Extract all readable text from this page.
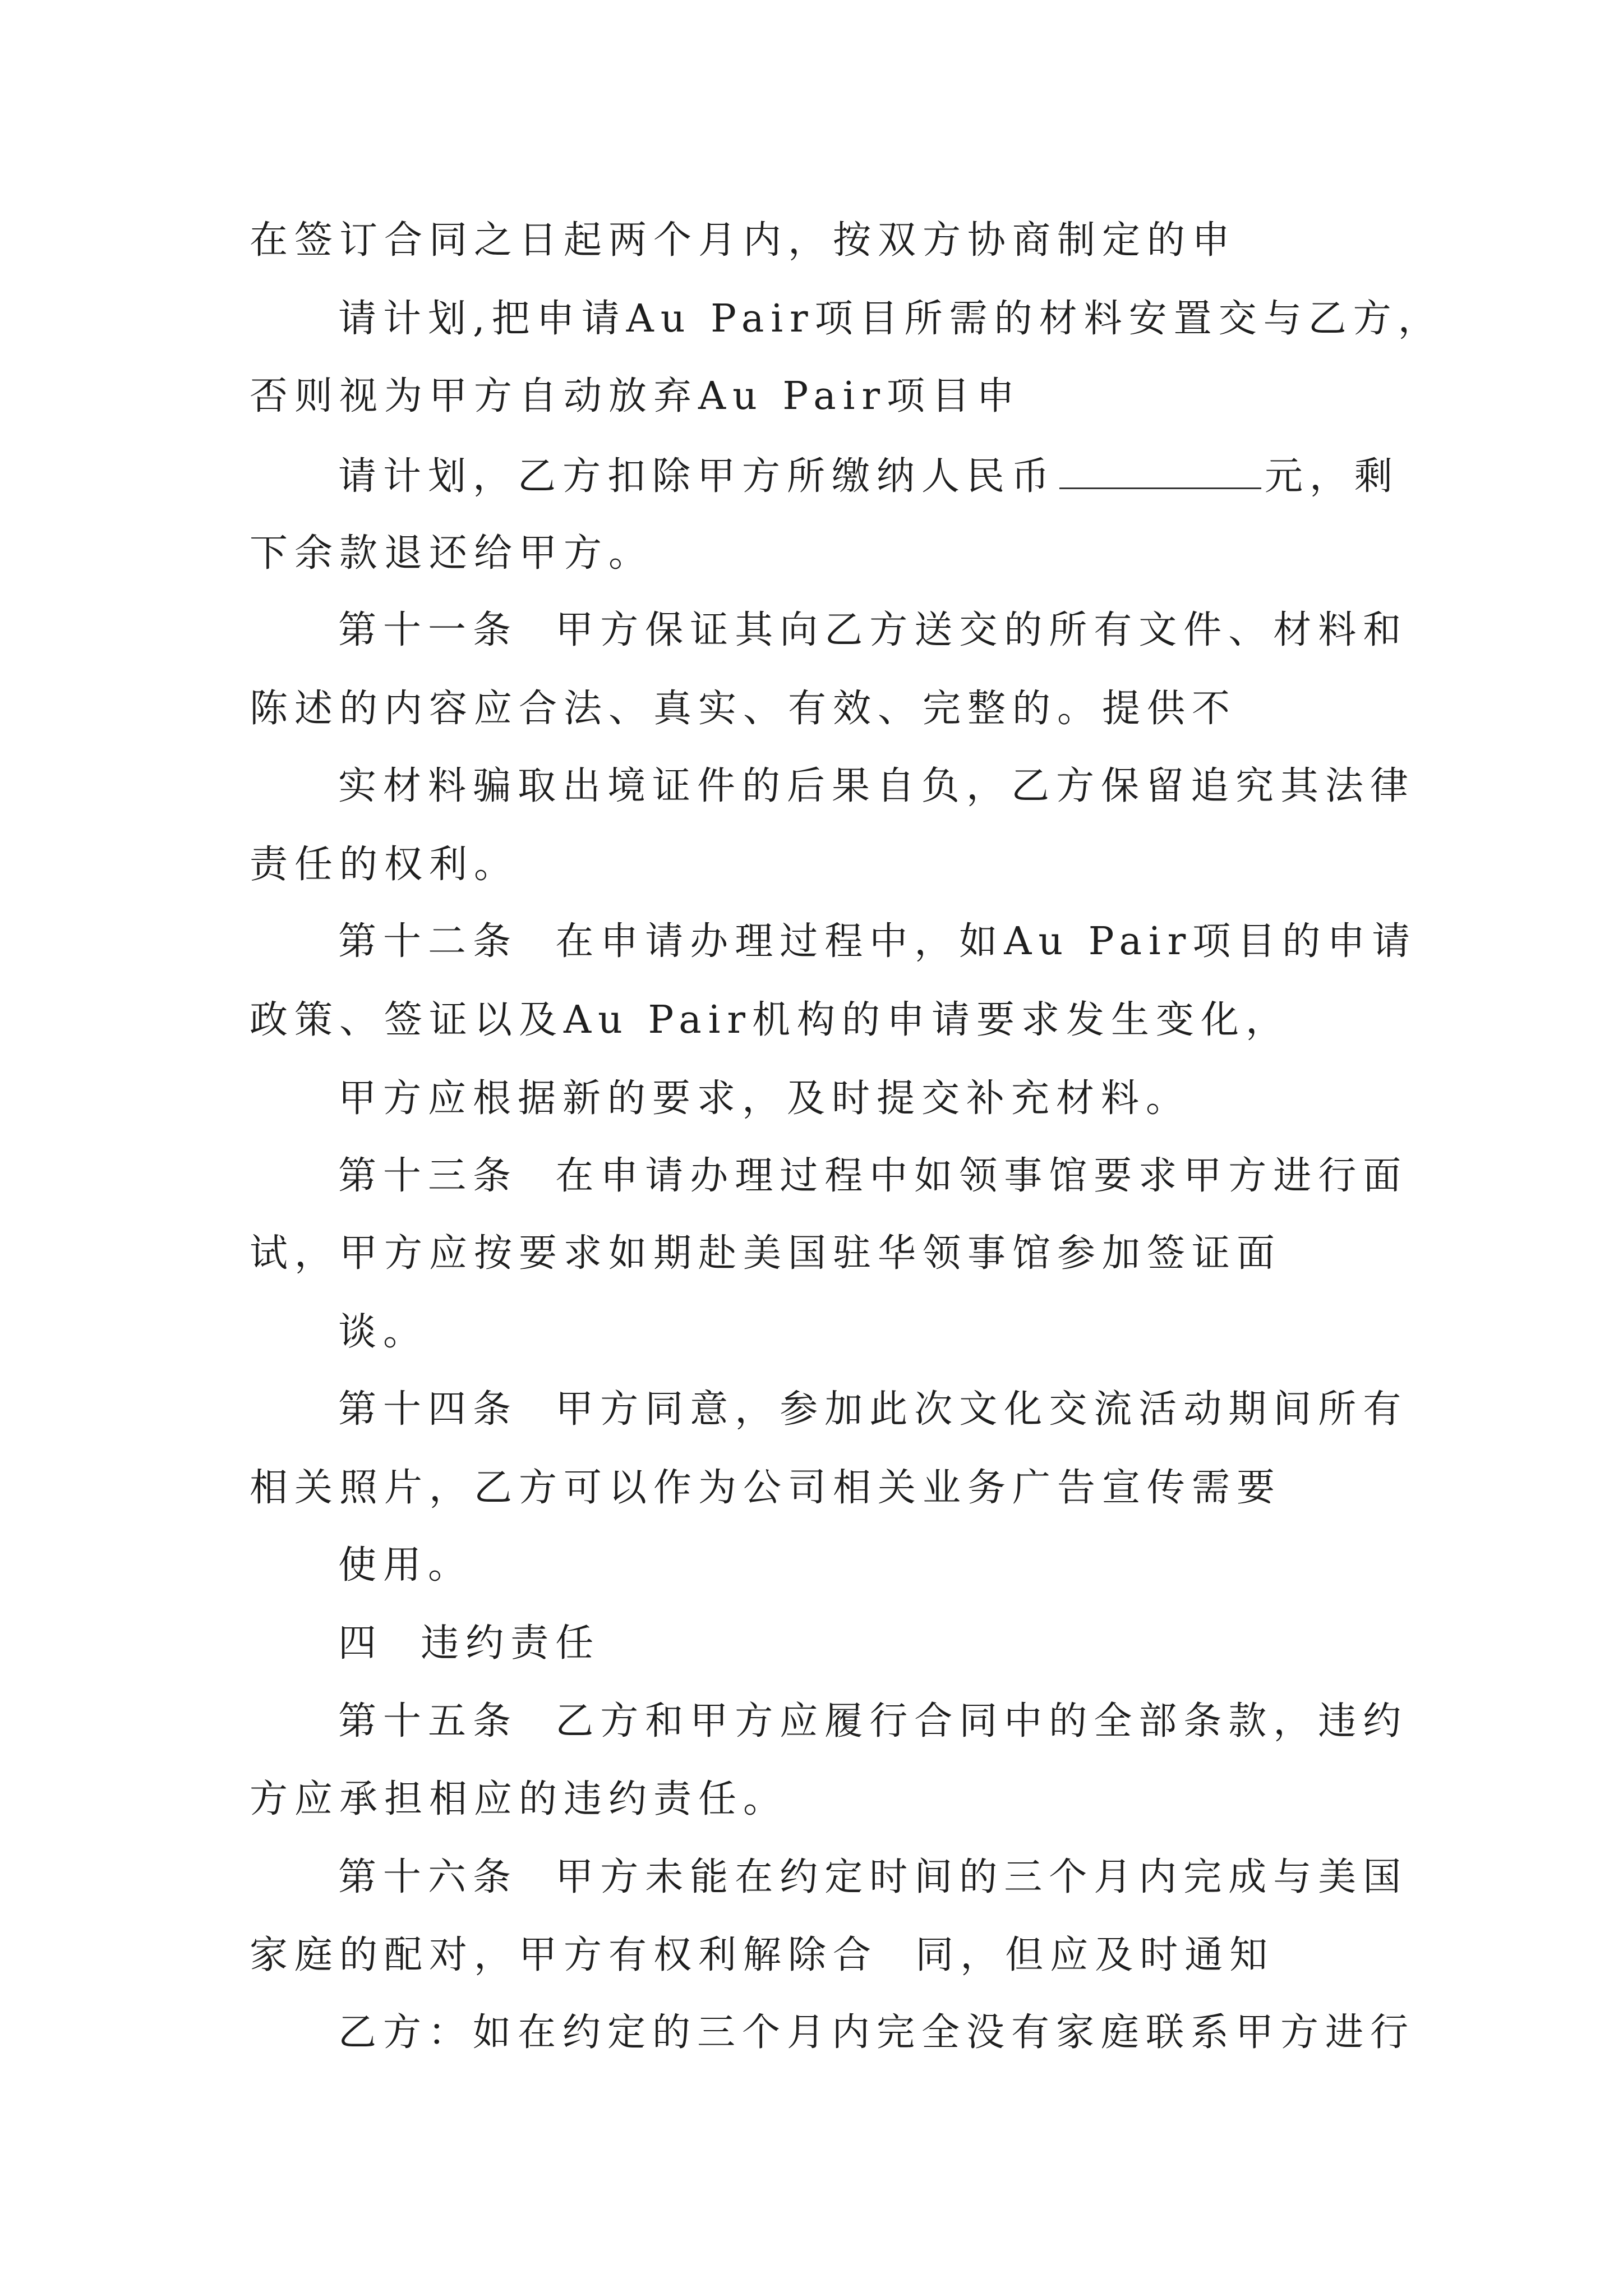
在签订合同之日起两个月内，按双方协商制定的申
请计划,把申请Au Pair项目所需的材料安置交与乙方，
否则视为甲方自动放弃Au Pair项目申
请计划，乙方扣除甲方所缴纳人民币	元，剩
下余款退还给甲方。
第十一条  甲方保证其向乙方送交的所有文件、材料和
陈述的内容应合法、真实、有效、完整的。提供不
实材料骗取出境证件的后果自负，乙方保留追究其法律
责任的权利。
第十二条  在申请办理过程中，如Au Pair项目的申请
政策、签证以及Au Pair机构的申请要求发生变化，
甲方应根据新的要求，及时提交补充材料。
第十三条  在申请办理过程中如领事馆要求甲方进行面
试，甲方应按要求如期赴美国驻华领事馆参加签证面
谈。
第十四条  甲方同意，参加此次文化交流活动期间所有
相关照片，乙方可以作为公司相关业务广告宣传需要
使用。
四  违约责任
第十五条  乙方和甲方应履行合同中的全部条款，违约
方应承担相应的违约责任。
第十六条  甲方未能在约定时间的三个月内完成与美国
家庭的配对，甲方有权利解除合  同，但应及时通知
乙方：如在约定的三个月内完全没有家庭联系甲方进行
